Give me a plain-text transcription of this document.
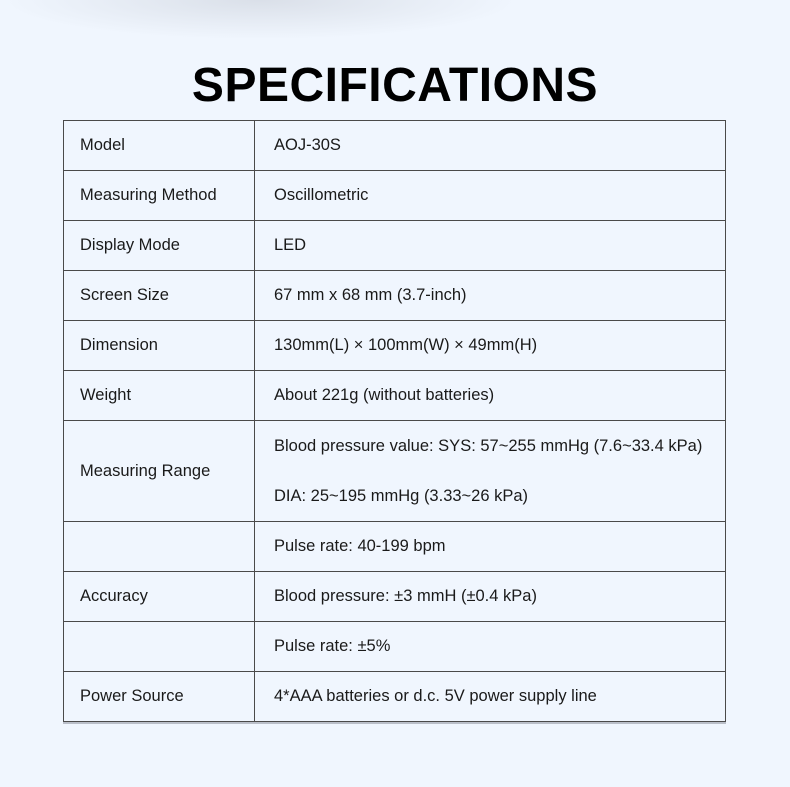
SPECIFICATIONS
Model	AOJ-30S
Measuring Method	Oscillometric
Display Mode	LED
Screen Size	67 mm x 68 mm (3.7-inch)
Dimension	130mm(L) × 100mm(W) × 49mm(H)
Weight	About 221g (without batteries)
Measuring Range	Blood pressure value: SYS: 57~255 mmHg (7.6~33.4 kPa)
DIA: 25~195 mmHg (3.33~26 kPa)

	Pulse rate: 40-199 bpm
Accuracy	Blood pressure: ±3 mmH (±0.4 kPa)
	Pulse rate: ±5%
Power Source	4*AAA batteries or d.c. 5V power supply line
